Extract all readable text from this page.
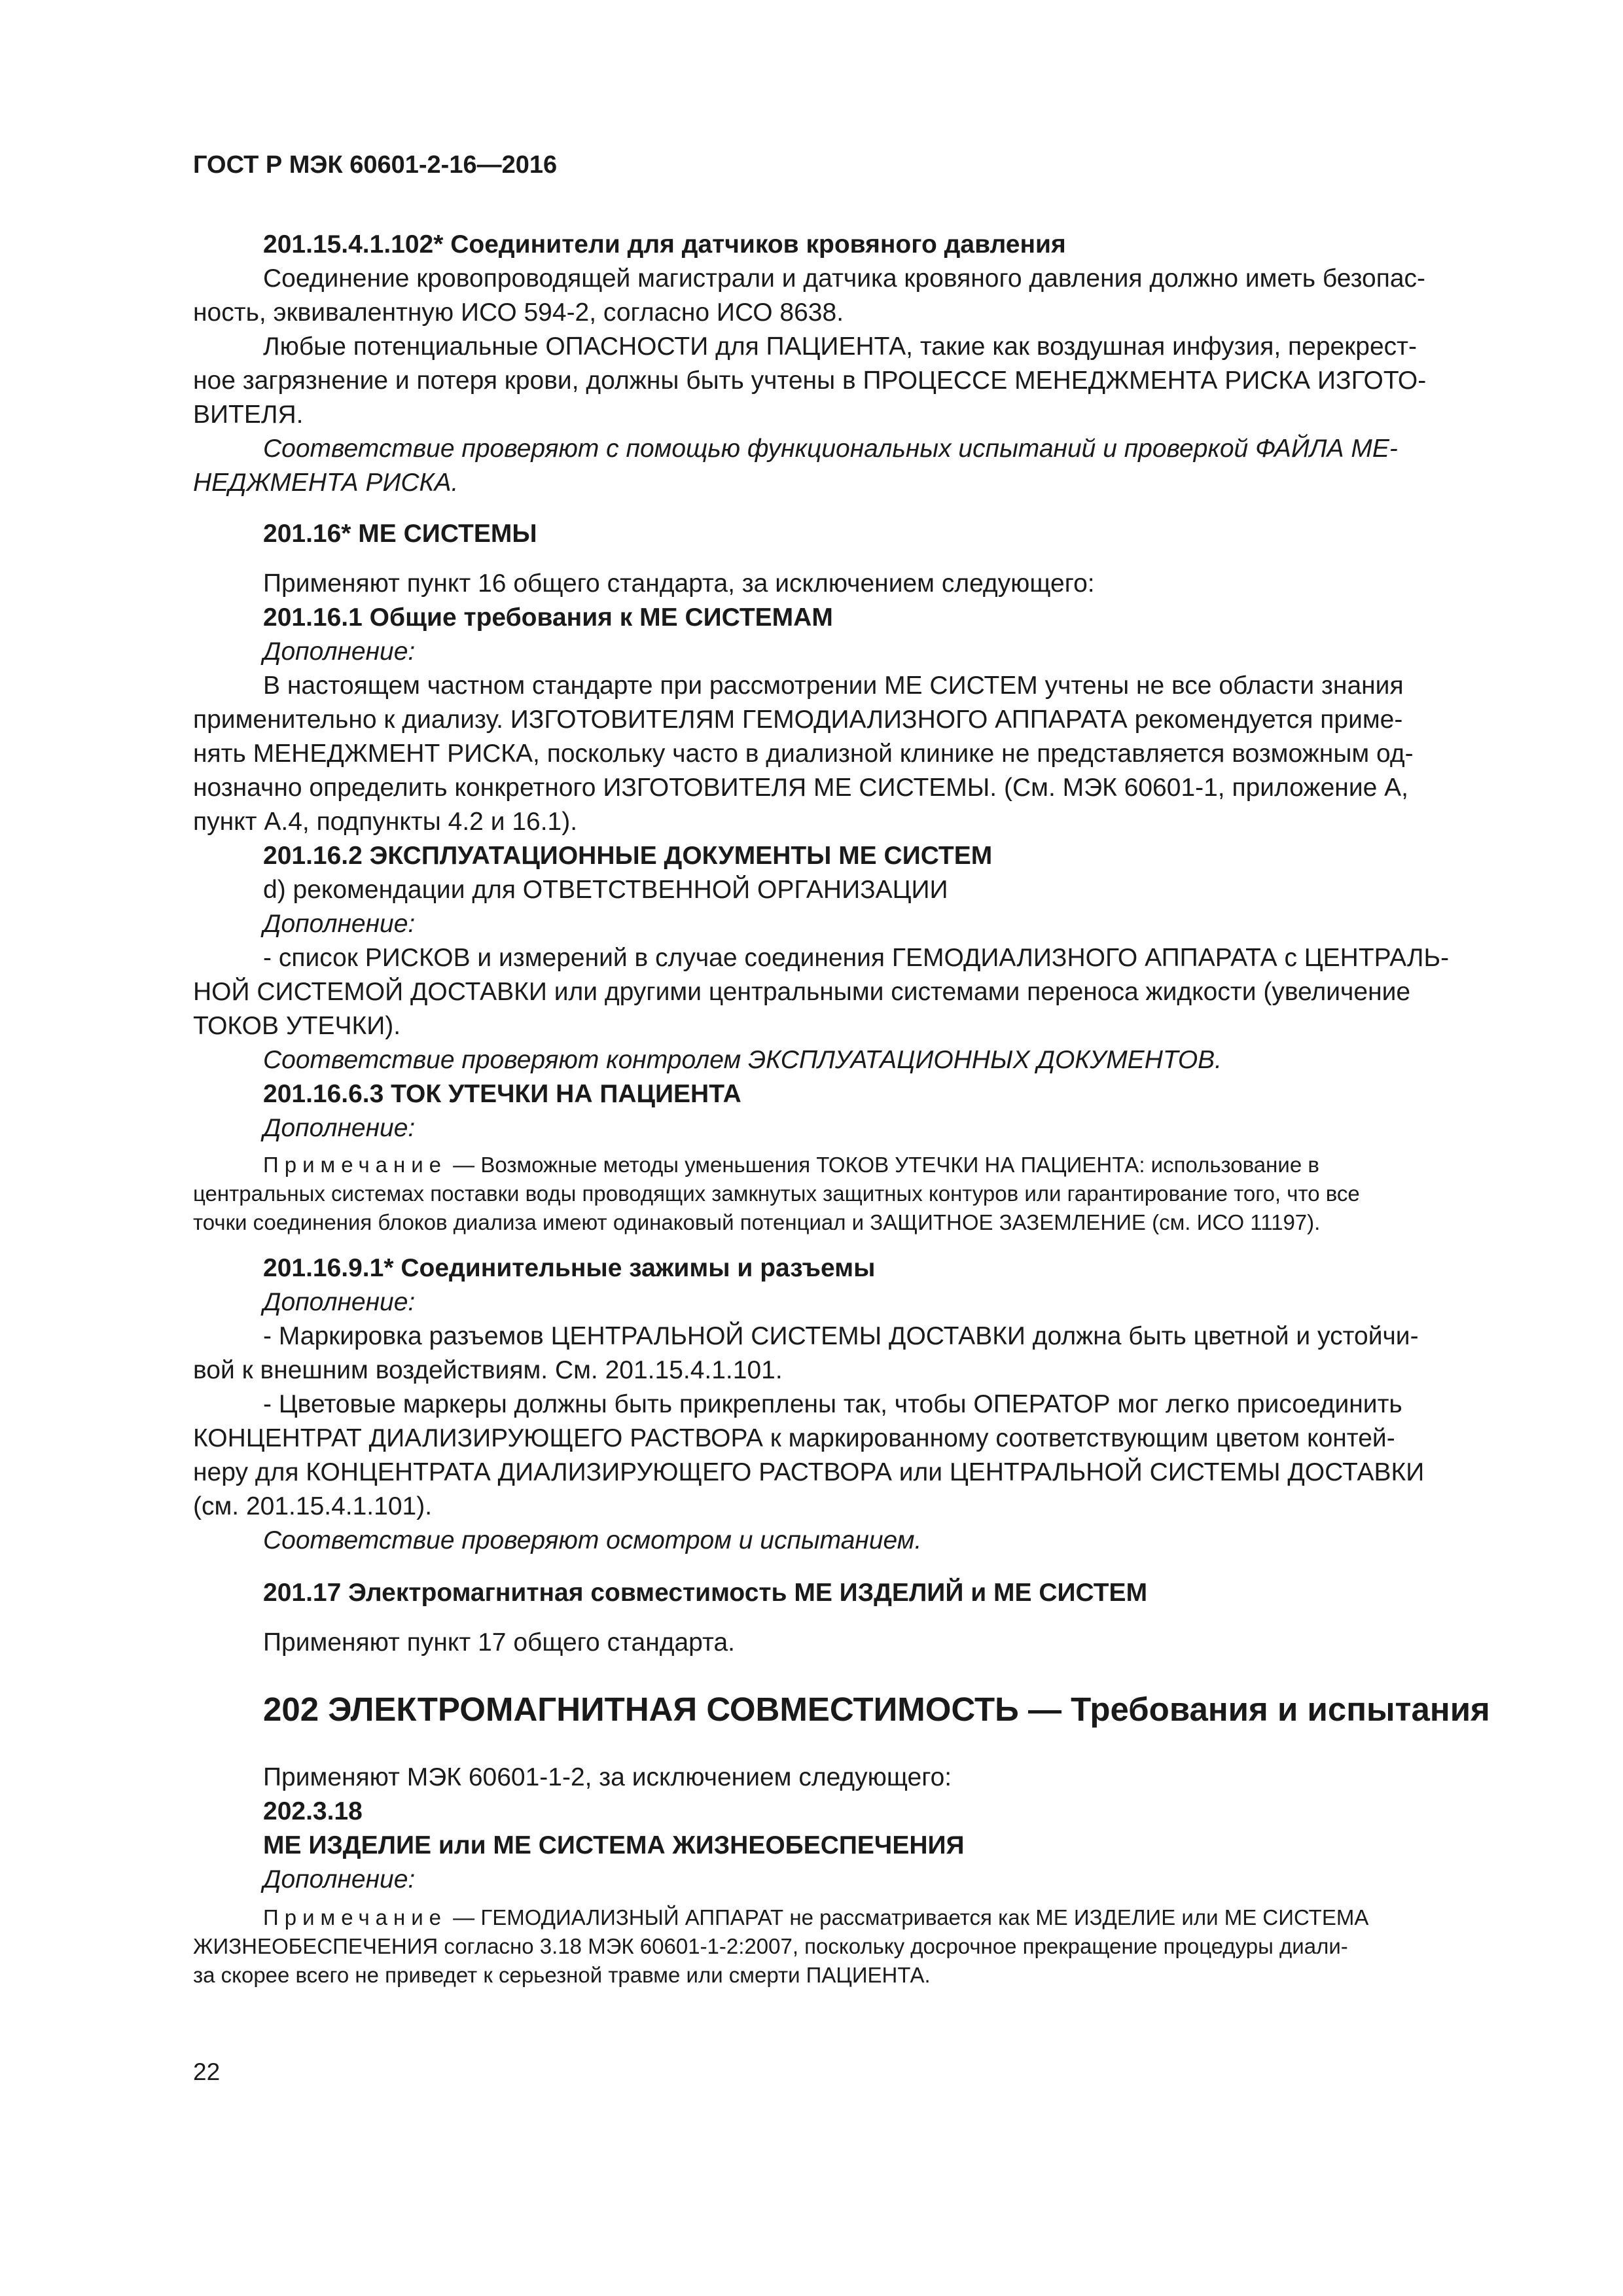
ГОСТ Р МЭК 60601-2-16—2016
201.15.4.1.102* Соединители для датчиков кровяного давления
Соединение кровопроводящей магистрали и датчика кровяного давления должно иметь безопас-
ность, эквивалентную ИСО 594-2, согласно ИСО 8638.
Любые потенциальные ОПАСНОСТИ для ПАЦИЕНТА, такие как воздушная инфузия, перекрест-
ное загрязнение и потеря крови, должны быть учтены в ПРОЦЕССЕ МЕНЕДЖМЕНТА РИСКА ИЗГОТО-
ВИТЕЛЯ.
Соответствие проверяют с помощью функциональных испытаний и проверкой ФАЙЛА МЕ-
НЕДЖМЕНТА РИСКА.
201.16* МЕ СИСТЕМЫ
Применяют пункт 16 общего стандарта, за исключением следующего:
201.16.1 Общие требования к МЕ СИСТЕМАМ
Дополнение:
В настоящем частном стандарте при рассмотрении МЕ СИСТЕМ учтены не все области знания
применительно к диализу. ИЗГОТОВИТЕЛЯМ ГЕМОДИАЛИЗНОГО АППАРАТА рекомендуется приме-
нять МЕНЕДЖМЕНТ РИСКА, поскольку часто в диализной клинике не представляется возможным од-
нозначно определить конкретного ИЗГОТОВИТЕЛЯ МЕ СИСТЕМЫ. (См. МЭК 60601-1, приложение А,
пункт А.4, подпункты 4.2 и 16.1).
201.16.2 ЭКСПЛУАТАЦИОННЫЕ ДОКУМЕНТЫ МЕ СИСТЕМ
d) рекомендации для ОТВЕТСТВЕННОЙ ОРГАНИЗАЦИИ
Дополнение:
- список РИСКОВ и измерений в случае соединения ГЕМОДИАЛИЗНОГО АППАРАТА с ЦЕНТРАЛЬ-
НОЙ СИСТЕМОЙ ДОСТАВКИ или другими центральными системами переноса жидкости (увеличение
ТОКОВ УТЕЧКИ).
Соответствие проверяют контролем ЭКСПЛУАТАЦИОННЫХ ДОКУМЕНТОВ.
201.16.6.3 ТОК УТЕЧКИ НА ПАЦИЕНТА
Дополнение:
Примечание — Возможные методы уменьшения ТОКОВ УТЕЧКИ НА ПАЦИЕНТА: использование в
центральных системах поставки воды проводящих замкнутых защитных контуров или гарантирование того, что все
точки соединения блоков диализа имеют одинаковый потенциал и ЗАЩИТНОЕ ЗАЗЕМЛЕНИЕ (см. ИСО 11197).
201.16.9.1* Соединительные зажимы и разъемы
Дополнение:
- Маркировка разъемов ЦЕНТРАЛЬНОЙ СИСТЕМЫ ДОСТАВКИ должна быть цветной и устойчи-
вой к внешним воздействиям. См. 201.15.4.1.101.
- Цветовые маркеры должны быть прикреплены так, чтобы ОПЕРАТОР мог легко присоединить
КОНЦЕНТРАТ ДИАЛИЗИРУЮЩЕГО РАСТВОРА к маркированному соответствующим цветом контей-
неру для КОНЦЕНТРАТА ДИАЛИЗИРУЮЩЕГО РАСТВОРА или ЦЕНТРАЛЬНОЙ СИСТЕМЫ ДОСТАВКИ
(см. 201.15.4.1.101).
Соответствие проверяют осмотром и испытанием.
201.17 Электромагнитная совместимость МЕ ИЗДЕЛИЙ и МЕ СИСТЕМ
Применяют пункт 17 общего стандарта.
202 ЭЛЕКТРОМАГНИТНАЯ СОВМЕСТИМОСТЬ — Требования и испытания
Применяют МЭК 60601-1-2, за исключением следующего:
202.3.18
МЕ ИЗДЕЛИЕ или МЕ СИСТЕМА ЖИЗНЕОБЕСПЕЧЕНИЯ
Дополнение:
Примечание — ГЕМОДИАЛИЗНЫЙ АППАРАТ не рассматривается как МЕ ИЗДЕЛИЕ или МЕ СИСТЕМА
ЖИЗНЕОБЕСПЕЧЕНИЯ согласно 3.18 МЭК 60601-1-2:2007, поскольку досрочное прекращение процедуры диали-
за скорее всего не приведет к серьезной травме или смерти ПАЦИЕНТА.
22
